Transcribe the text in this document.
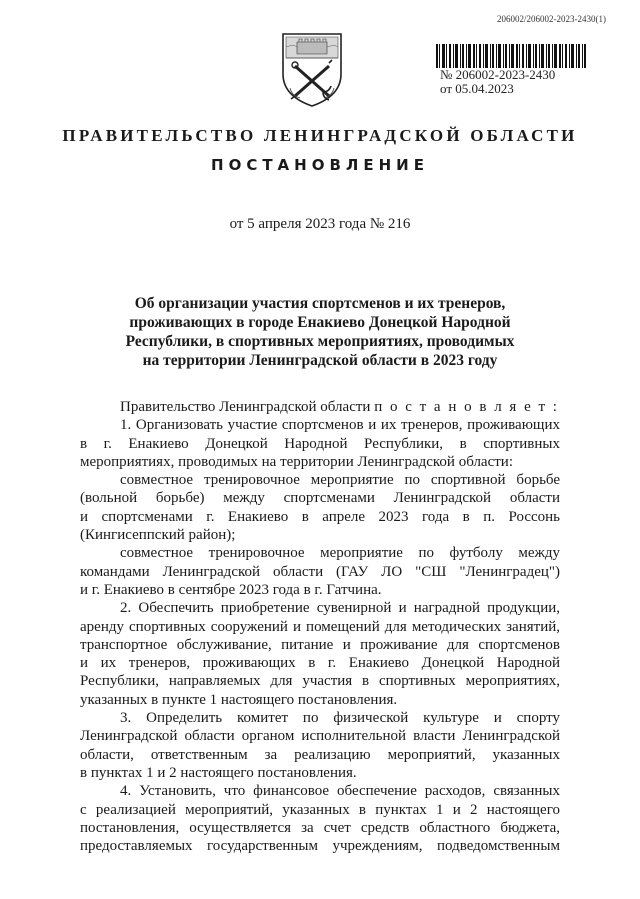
206002/206002-2023-2430(1)
№ 206002-2023-2430
от 05.04.2023
ПРАВИТЕЛЬСТВО ЛЕНИНГРАДСКОЙ ОБЛАСТИ
ПОСТАНОВЛЕНИЕ
от 5 апреля 2023 года № 216
Об организации участия спортсменов и их тренеров,
проживающих в городе Енакиево Донецкой Народной
Республики, в спортивных мероприятиях, проводимых
на территории Ленинградской области в 2023 году

Правительство Ленинградской области п о с т а н о в л я е т :

1. Организовать участие спортсменов и их тренеров, проживающих

в г. Енакиево Донецкой Народной Республики, в спортивных

мероприятиях, проводимых на территории Ленинградской области:

совместное тренировочное мероприятие по спортивной борьбе

(вольной борьбе) между спортсменами Ленинградской области

и спортсменами г. Енакиево в апреле 2023 года в п. Россонь

(Кингисеппский район);

совместное тренировочное мероприятие по футболу между

командами Ленинградской области (ГАУ ЛО "СШ "Ленинградец")

и г. Енакиево в сентябре 2023 года в г. Гатчина.

2. Обеспечить приобретение сувенирной и наградной продукции,

аренду спортивных сооружений и помещений для методических занятий,

транспортное обслуживание, питание и проживание для спортсменов

и их тренеров, проживающих в г. Енакиево Донецкой Народной

Республики, направляемых для участия в спортивных мероприятиях,

указанных в пункте 1 настоящего постановления.

3. Определить комитет по физической культуре и спорту

Ленинградской области органом исполнительной власти Ленинградской

области, ответственным за реализацию мероприятий, указанных

в пунктах 1 и 2 настоящего постановления.

4. Установить, что финансовое обеспечение расходов, связанных

с реализацией мероприятий, указанных в пунктах 1 и 2 настоящего

постановления, осуществляется за счет средств областного бюджета,

предоставляемых государственным учреждениям, подведомственным
